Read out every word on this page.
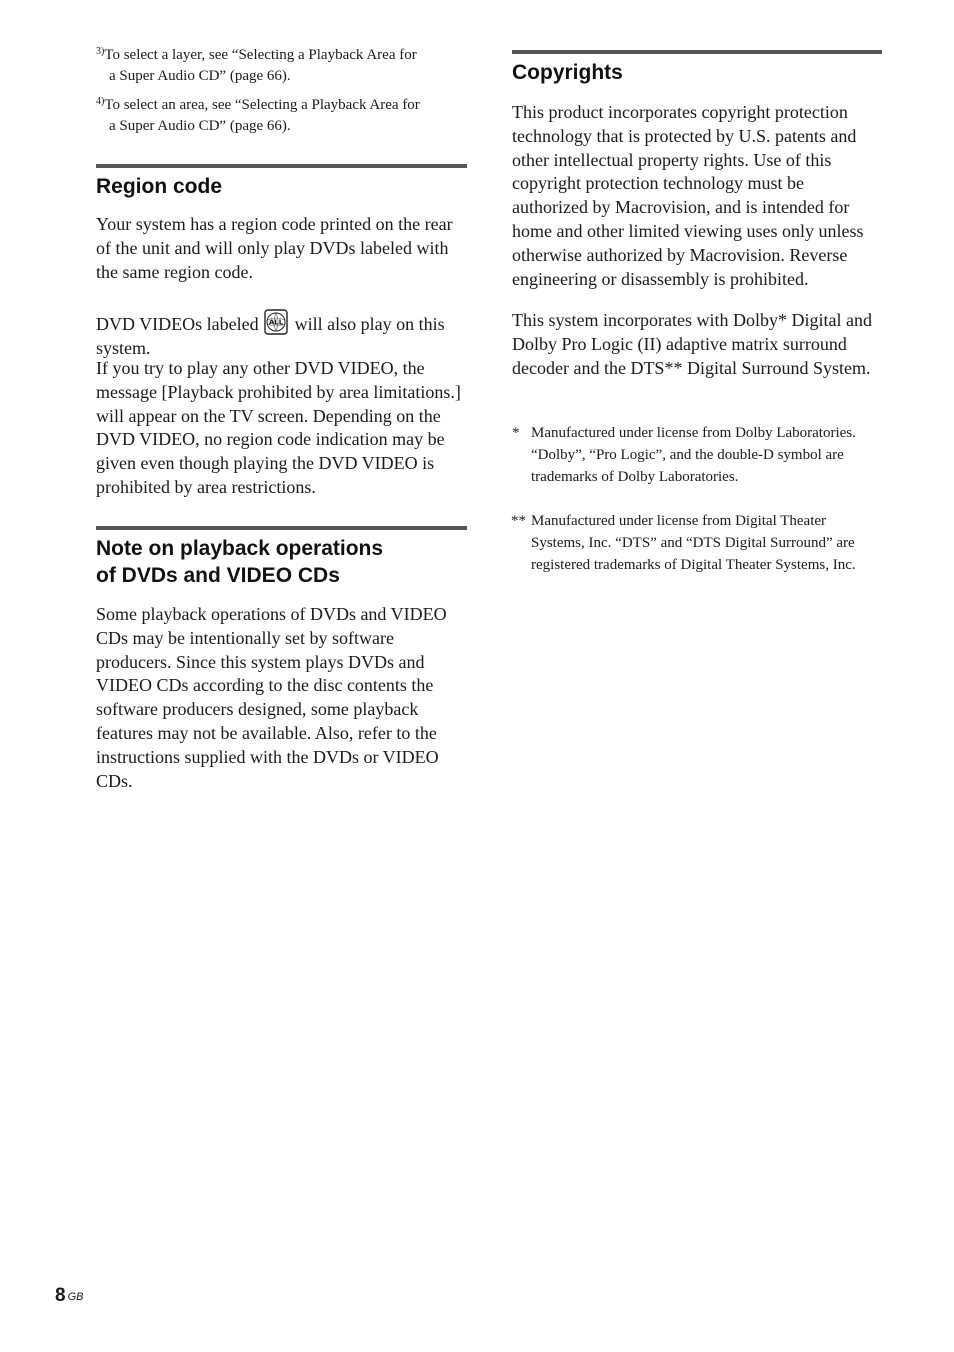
$^{3)}$To select a layer, see “Selecting a Playback Area for
a Super Audio CD” (page 66).
$^{4)}$To select an area, see “Selecting a Playback Area for
a Super Audio CD” (page 66).
Region code

Your system has a region code printed on the rear of the unit and will only play DVDs labeled with the same region code.

DVD VIDEOs labeled ALL will also play on this system.

If you try to play any other DVD VIDEO, the message [Playback prohibited by area limitations.] will appear on the TV screen. Depending on the DVD VIDEO, no region code indication may be given even though playing the DVD VIDEO is prohibited by area restrictions.

Note on playback operations
of DVDs and VIDEO CDs

Some playback operations of DVDs and VIDEO CDs may be intentionally set by software producers. Since this system plays DVDs and VIDEO CDs according to the disc contents the software producers designed, some playback features may not be available. Also, refer to the instructions supplied with the DVDs or VIDEO CDs.

Copyrights

This product incorporates copyright protection technology that is protected by U.S. patents and other intellectual property rights. Use of this copyright protection technology must be authorized by Macrovision, and is intended for home and other limited viewing uses only unless otherwise authorized by Macrovision. Reverse engineering or disassembly is prohibited.

This system incorporates with Dolby* Digital and Dolby Pro Logic (II) adaptive matrix surround decoder and the DTS** Digital Surround System.

* Manufactured under license from Dolby Laboratories.
“Dolby”, “Pro Logic”, and the double-D symbol are trademarks of Dolby Laboratories.
** Manufactured under license from Digital Theater Systems, Inc. “DTS” and “DTS Digital Surround” are registered trademarks of Digital Theater Systems, Inc.
8 $^{GB}$
